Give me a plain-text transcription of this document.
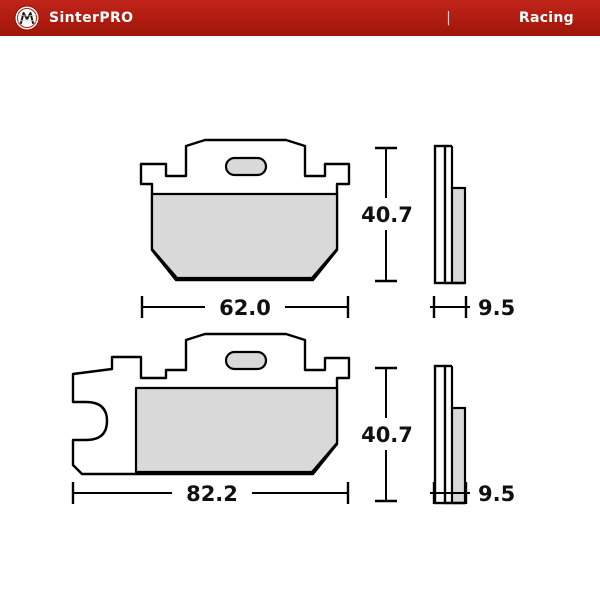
SinterPRO	|	Racing
40.7
62.0	9.5
40.7
82.2	9.5
